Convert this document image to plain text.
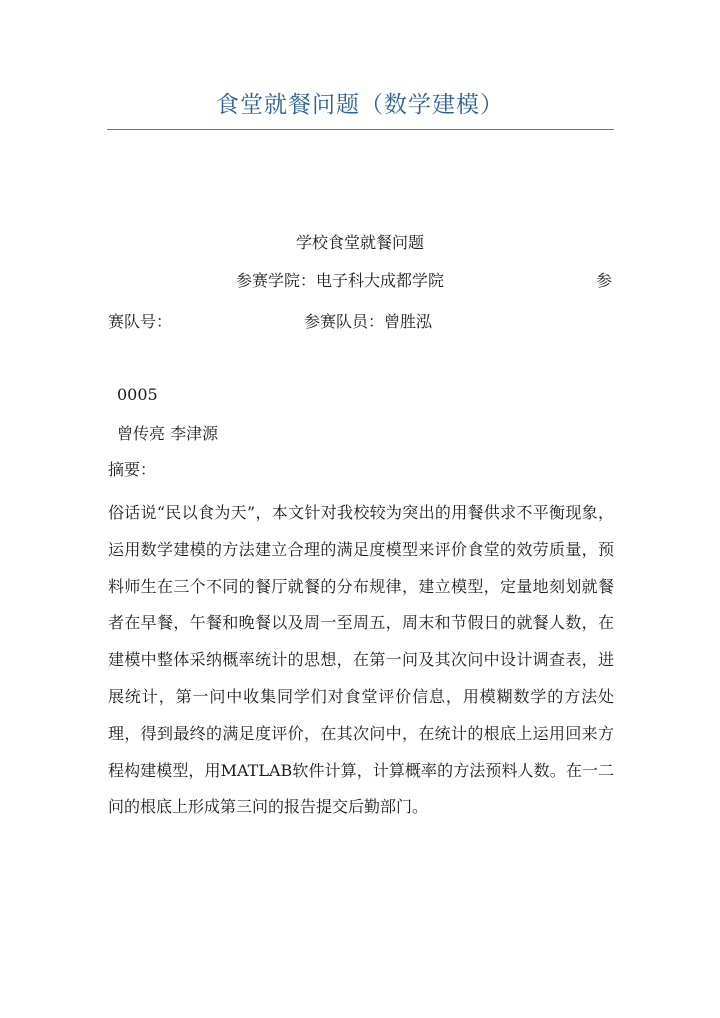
食堂就餐问题（数学建模）
学校食堂就餐问题
参赛学院：电子科大成都学院	参
赛队号：	参赛队员：曾胜泓
0005
曾传亮 李津源
摘要：

俗话说“民以食为天”，本文针对我校较为突出的用餐供求不平衡现象，运用数学建模的方法建立合理的满足度模型来评价食堂的效劳质量，预料师生在三个不同的餐厅就餐的分布规律，建立模型，定量地刻划就餐者在早餐，午餐和晚餐以及周一至周五，周末和节假日的就餐人数，在建模中整体采纳概率统计的思想，在第一问及其次问中设计调查表，进展统计，第一问中收集同学们对食堂评价信息，用模糊数学的方法处理，得到最终的满足度评价，在其次问中，在统计的根底上运用回来方程构建模型，用MATLAB软件计算，计算概率的方法预料人数。在一二问的根底上形成第三问的报告提交后勤部门。
